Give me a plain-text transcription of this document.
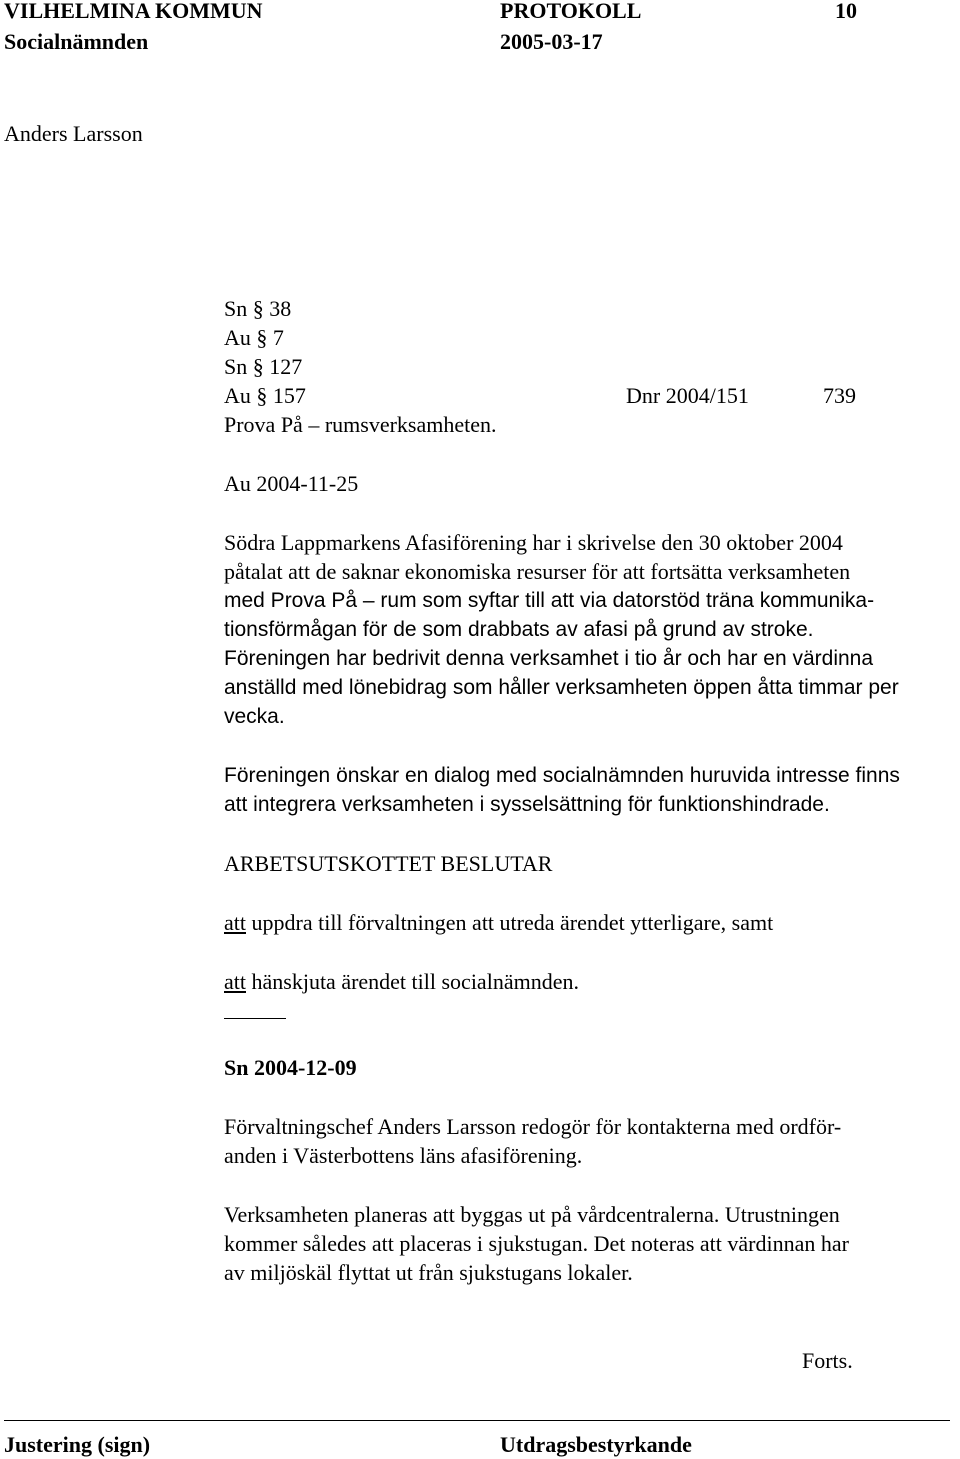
VILHELMINA KOMMUN	PROTOKOLL	10
Socialnämnden	2005-03-17
Anders Larsson
Sn § 38
Au § 7
Sn § 127
Au § 157	Dnr 2004/151	739
Prova På – rumsverksamheten.
Au 2004-11-25
Södra Lappmarkens Afasiförening har i skrivelse den 30 oktober 2004
påtalat att de saknar ekonomiska resurser för att fortsätta verksamheten
med Prova På – rum som syftar till att via datorstöd träna kommunika-
tionsförmågan för de som drabbats av afasi på grund av stroke.
Föreningen har bedrivit denna verksamhet i tio år och har en värdinna
anställd med lönebidrag som håller verksamheten öppen åtta timmar per
vecka.
Föreningen önskar en dialog med socialnämnden huruvida intresse finns
att integrera verksamheten i sysselsättning för funktionshindrade.
ARBETSUTSKOTTET BESLUTAR
att uppdra till förvaltningen att utreda ärendet ytterligare, samt
att hänskjuta ärendet till socialnämnden.
Sn 2004-12-09
Förvaltningschef Anders Larsson redogör för kontakterna med ordför-
anden i Västerbottens läns afasiförening.
Verksamheten planeras att byggas ut på vårdcentralerna. Utrustningen
kommer således att placeras i sjukstugan. Det noteras att värdinnan har
av miljöskäl flyttat ut från sjukstugans lokaler.
Forts.
Justering (sign)	Utdragsbestyrkande
